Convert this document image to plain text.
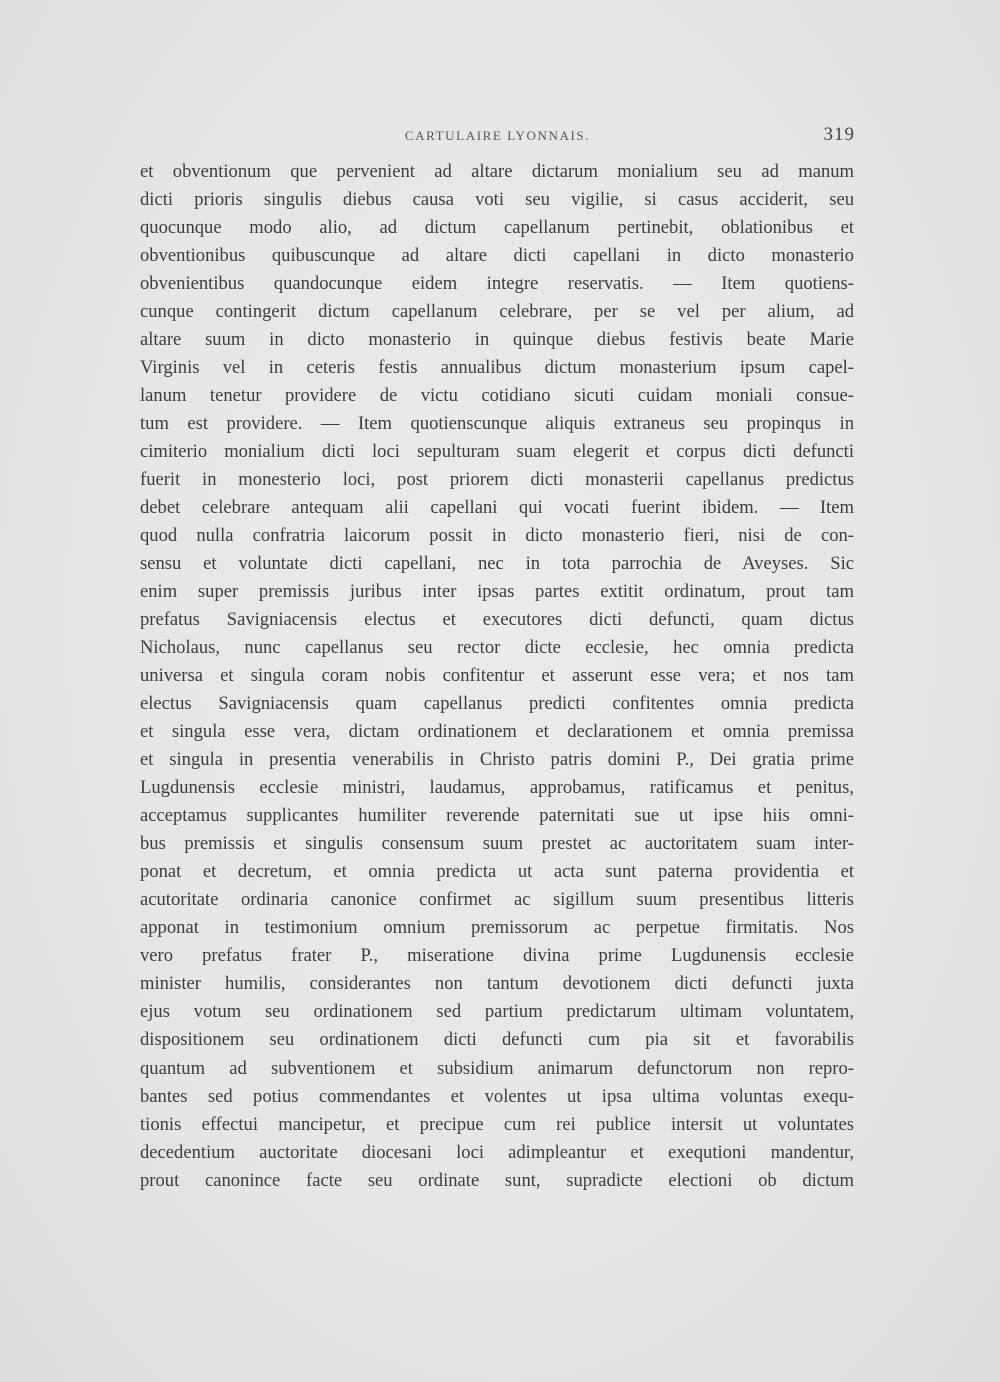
CARTULAIRE LYONNAIS.	319
et obventionum que pervenient ad altare dictarum monialium seu ad manum
dicti prioris singulis diebus causa voti seu vigilie, si casus acciderit, seu
quocunque modo alio, ad dictum capellanum pertinebit, oblationibus et
obventionibus quibuscunque ad altare dicti capellani in dicto monasterio
obvenientibus quandocunque eidem integre reservatis. — Item quotiens-
cunque contingerit dictum capellanum celebrare, per se vel per alium, ad
altare suum in dicto monasterio in quinque diebus festivis beate Marie
Virginis vel in ceteris festis annualibus dictum monasterium ipsum capel-
lanum tenetur providere de victu cotidiano sicuti cuidam moniali consue-
tum est providere. — Item quotienscunque aliquis extraneus seu propinqus in
cimiterio monialium dicti loci sepulturam suam elegerit et corpus dicti defuncti
fuerit in monesterio loci, post priorem dicti monasterii capellanus predictus
debet celebrare antequam alii capellani qui vocati fuerint ibidem. — Item
quod nulla confratria laicorum possit in dicto monasterio fieri, nisi de con-
sensu et voluntate dicti capellani, nec in tota parrochia de Aveyses. Sic
enim super premissis juribus inter ipsas partes extitit ordinatum, prout tam
prefatus Savigniacensis electus et executores dicti defuncti, quam dictus
Nicholaus, nunc capellanus seu rector dicte ecclesie, hec omnia predicta
universa et singula coram nobis confitentur et asserunt esse vera; et nos tam
electus Savigniacensis quam capellanus predicti confitentes omnia predicta
et singula esse vera, dictam ordinationem et declarationem et omnia premissa
et singula in presentia venerabilis in Christo patris domini P., Dei gratia prime
Lugdunensis ecclesie ministri, laudamus, approbamus, ratificamus et penitus,
acceptamus supplicantes humiliter reverende paternitati sue ut ipse hiis omni-
bus premissis et singulis consensum suum prestet ac auctoritatem suam inter-
ponat et decretum, et omnia predicta ut acta sunt paterna providentia et
acutoritate ordinaria canonice confirmet ac sigillum suum presentibus litteris
apponat in testimonium omnium premissorum ac perpetue firmitatis. Nos
vero prefatus frater P., miseratione divina prime Lugdunensis ecclesie
minister humilis, considerantes non tantum devotionem dicti defuncti juxta
ejus votum seu ordinationem sed partium predictarum ultimam voluntatem,
dispositionem seu ordinationem dicti defuncti cum pia sit et favorabilis
quantum ad subventionem et subsidium animarum defunctorum non repro-
bantes sed potius commendantes et volentes ut ipsa ultima voluntas exequ-
tionis effectui mancipetur, et precipue cum rei publice intersit ut voluntates
decedentium auctoritate diocesani loci adimpleantur et exequtioni mandentur,
prout canonince facte seu ordinate sunt, supradicte electioni ob dictum
